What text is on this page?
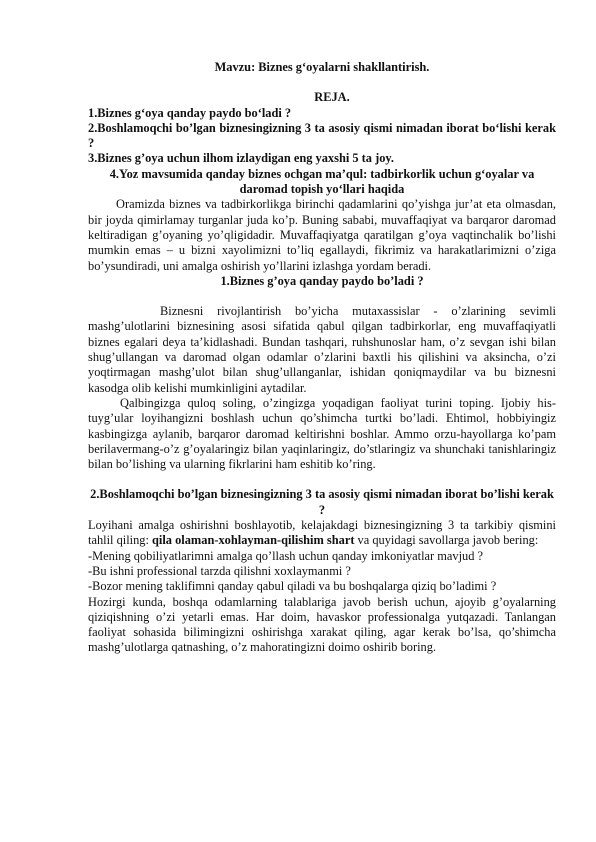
Mavzu: Biznes g‘oyalarni shakllantirish.

REJA.

1.Biznes g‘oya qanday paydo bo‘ladi ?

2.Boshlamoqchi bo’lgan biznesingizning 3 ta asosiy qismi nimadan iborat bo‘lishi kerak ?

3.Biznes g’oya uchun ilhom izlaydigan eng yaxshi 5 ta joy.

4.Yoz mavsumida qanday biznes ochgan ma’qul: tadbirkorlik uchun g‘oyalar va daromad topish yo‘llari haqida

Oramizda biznes va tadbirkorlikga birinchi qadamlarini qo’yishga jur’at eta olmasdan, bir joyda qimirlamay turganlar juda ko’p. Buning sababi, muvaffaqiyat va barqaror daromad keltiradigan g’oyaning yo’qligidadir. Muvaffaqiyatga qaratilgan g’oya vaqtinchalik bo’lishi mumkin emas – u bizni xayolimizni to’liq egallaydi, fikrimiz va harakatlarimizni o’ziga bo’ysundiradi, uni amalga oshirish yo’llarini izlashga yordam beradi.

1.Biznes g’oya qanday paydo bo’ladi ?

Biznesni rivojlantirish bo’yicha mutaxassislar - o’zlarining sevimli mashg’ulotlarini biznesining asosi sifatida qabul qilgan tadbirkorlar, eng muvaffaqiyatli biznes egalari deya ta’kidlashadi. Bundan tashqari, ruhshunoslar ham, o’z sevgan ishi bilan shug’ullangan va daromad olgan odamlar o’zlarini baxtli his qilishini va aksincha, o’zi yoqtirmagan mashg’ulot bilan shug’ullanganlar, ishidan qoniqmaydilar va bu biznesni kasodga olib kelishi mumkinligini aytadilar.

Qalbingizga quloq soling, o’zingizga yoqadigan faoliyat turini toping. Ijobiy his-tuyg’ular loyihangizni boshlash uchun qo’shimcha turtki bo’ladi. Ehtimol, hobbiyingiz kasbingizga aylanib, barqaror daromad keltirishni boshlar. Ammo orzu-hayollarga ko’pam berilavermang-o’z g’oyalaringiz bilan yaqinlaringiz, do’stlaringiz va shunchaki tanishlaringiz bilan bo’lishing va ularning fikrlarini ham eshitib ko’ring.

2.Boshlamoqchi bo’lgan biznesingizning 3 ta asosiy qismi nimadan iborat bo’lishi kerak ?

Loyihani amalga oshirishni boshlayotib, kelajakdagi biznesingizning 3 ta tarkibiy qismini tahlil qiling: qila olaman-xohlayman-qilishim shart va quyidagi savollarga javob bering:

-Mening qobiliyatlarimni amalga qo’llash uchun qanday imkoniyatlar mavjud ?

-Bu ishni professional tarzda qilishni xoxlaymanmi ?

-Bozor mening taklifimni qanday qabul qiladi va bu boshqalarga qiziq bo’ladimi ?

Hozirgi kunda, boshqa odamlarning talablariga javob berish uchun, ajoyib g’oyalarning qiziqishning o’zi yetarli emas. Har doim, havaskor professionalga yutqazadi. Tanlangan faoliyat sohasida bilimingizni oshirishga xarakat qiling, agar kerak bo’lsa, qo’shimcha mashg’ulotlarga qatnashing, o’z mahoratingizni doimo oshirib boring.
